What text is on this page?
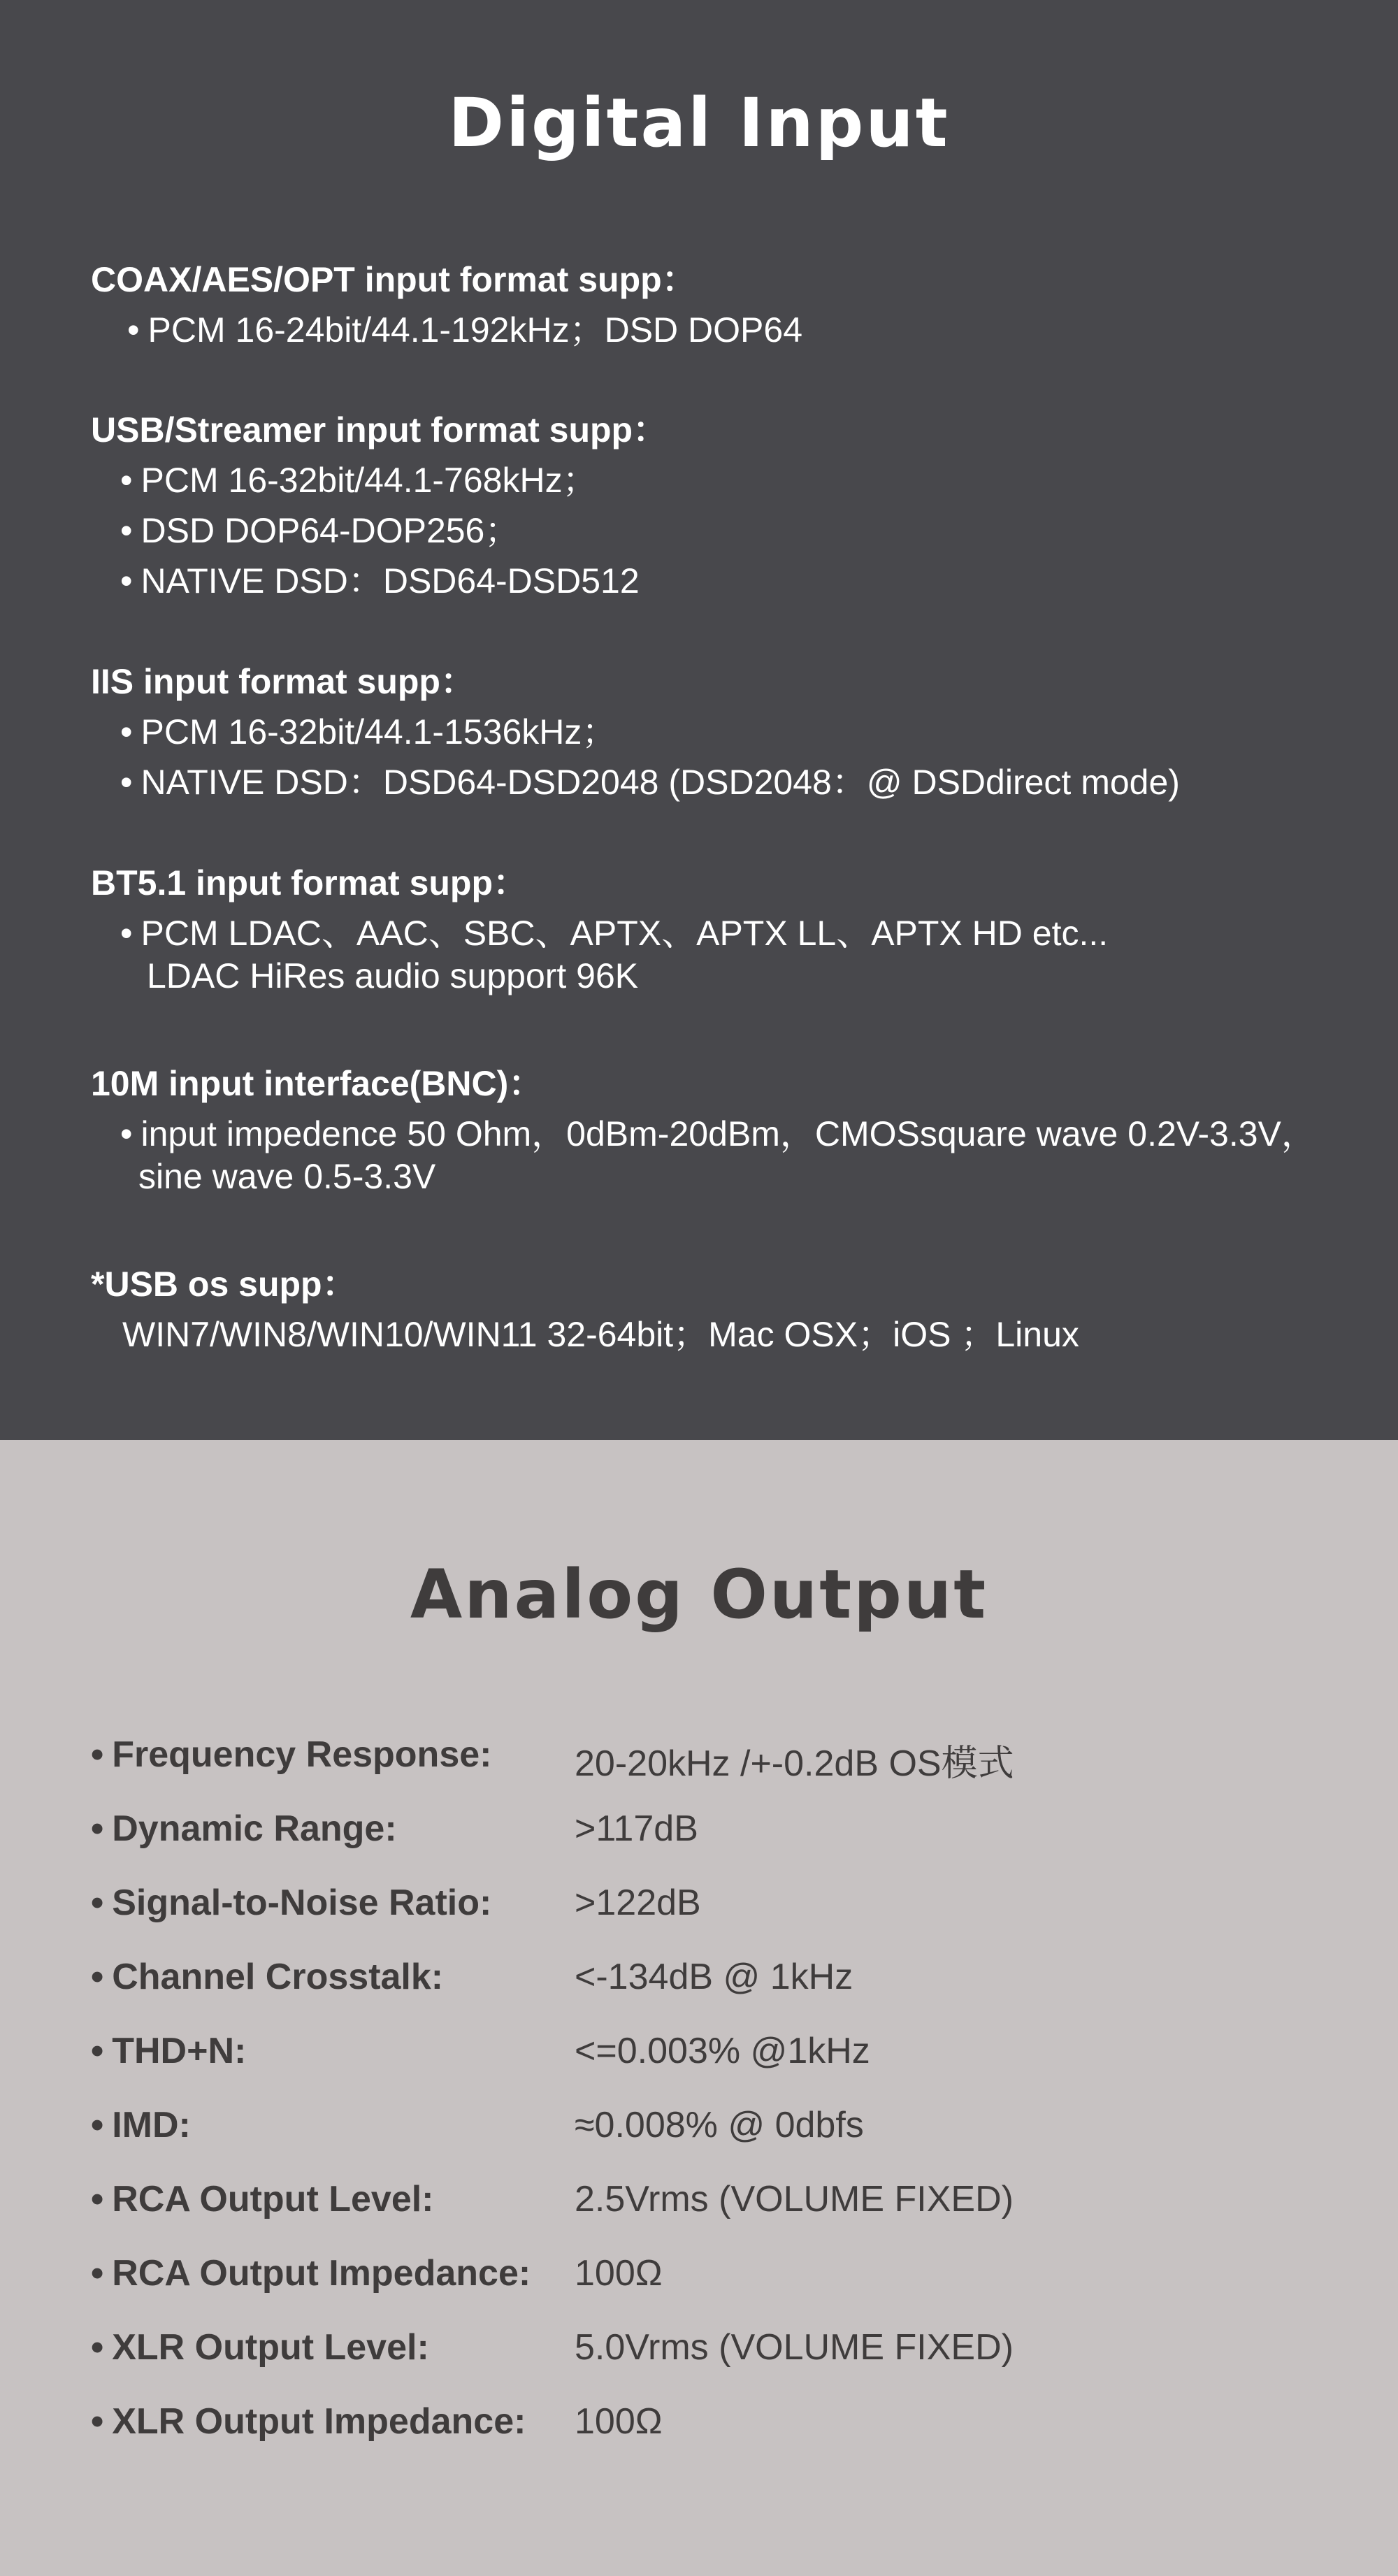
Digital Input
COAX/AES/OPT input format supp：
• PCM 16-24bit/44.1-192kHz；DSD DOP64
USB/Streamer input format supp：
• PCM 16-32bit/44.1-768kHz；
• DSD DOP64-DOP256；
• NATIVE DSD：DSD64-DSD512
IIS input format supp：
• PCM 16-32bit/44.1-1536kHz；
• NATIVE DSD：DSD64-DSD2048 (DSD2048：@ DSDdirect mode)
BT5.1 input format supp：
• PCM LDAC、AAC、SBC、APTX、APTX LL、APTX HD etc...
LDAC HiRes audio support 96K
10M input interface(BNC)：
• input impedence 50 Ohm，0dBm-20dBm，CMOSsquare wave 0.2V-3.3V，
sine wave 0.5-3.3V
*USB os supp：
WIN7/WIN8/WIN10/WIN11 32-64bit；Mac OSX；iOS ；Linux
Analog Output
• Frequency Response: 20-20kHz /+-0.2dB OS模式
• Dynamic Range:	>117dB
• Signal-to-Noise Ratio: >122dB
• Channel Crosstalk:	<-134dB @ 1kHz
• THD+N:	<=0.003% @1kHz
• IMD:	≈0.008% @ 0dbfs
• RCA Output Level:	2.5Vrms (VOLUME FIXED)
• RCA Output Impedance: 100Ω
• XLR Output Level:	5.0Vrms (VOLUME FIXED)
• XLR Output Impedance: 100Ω
